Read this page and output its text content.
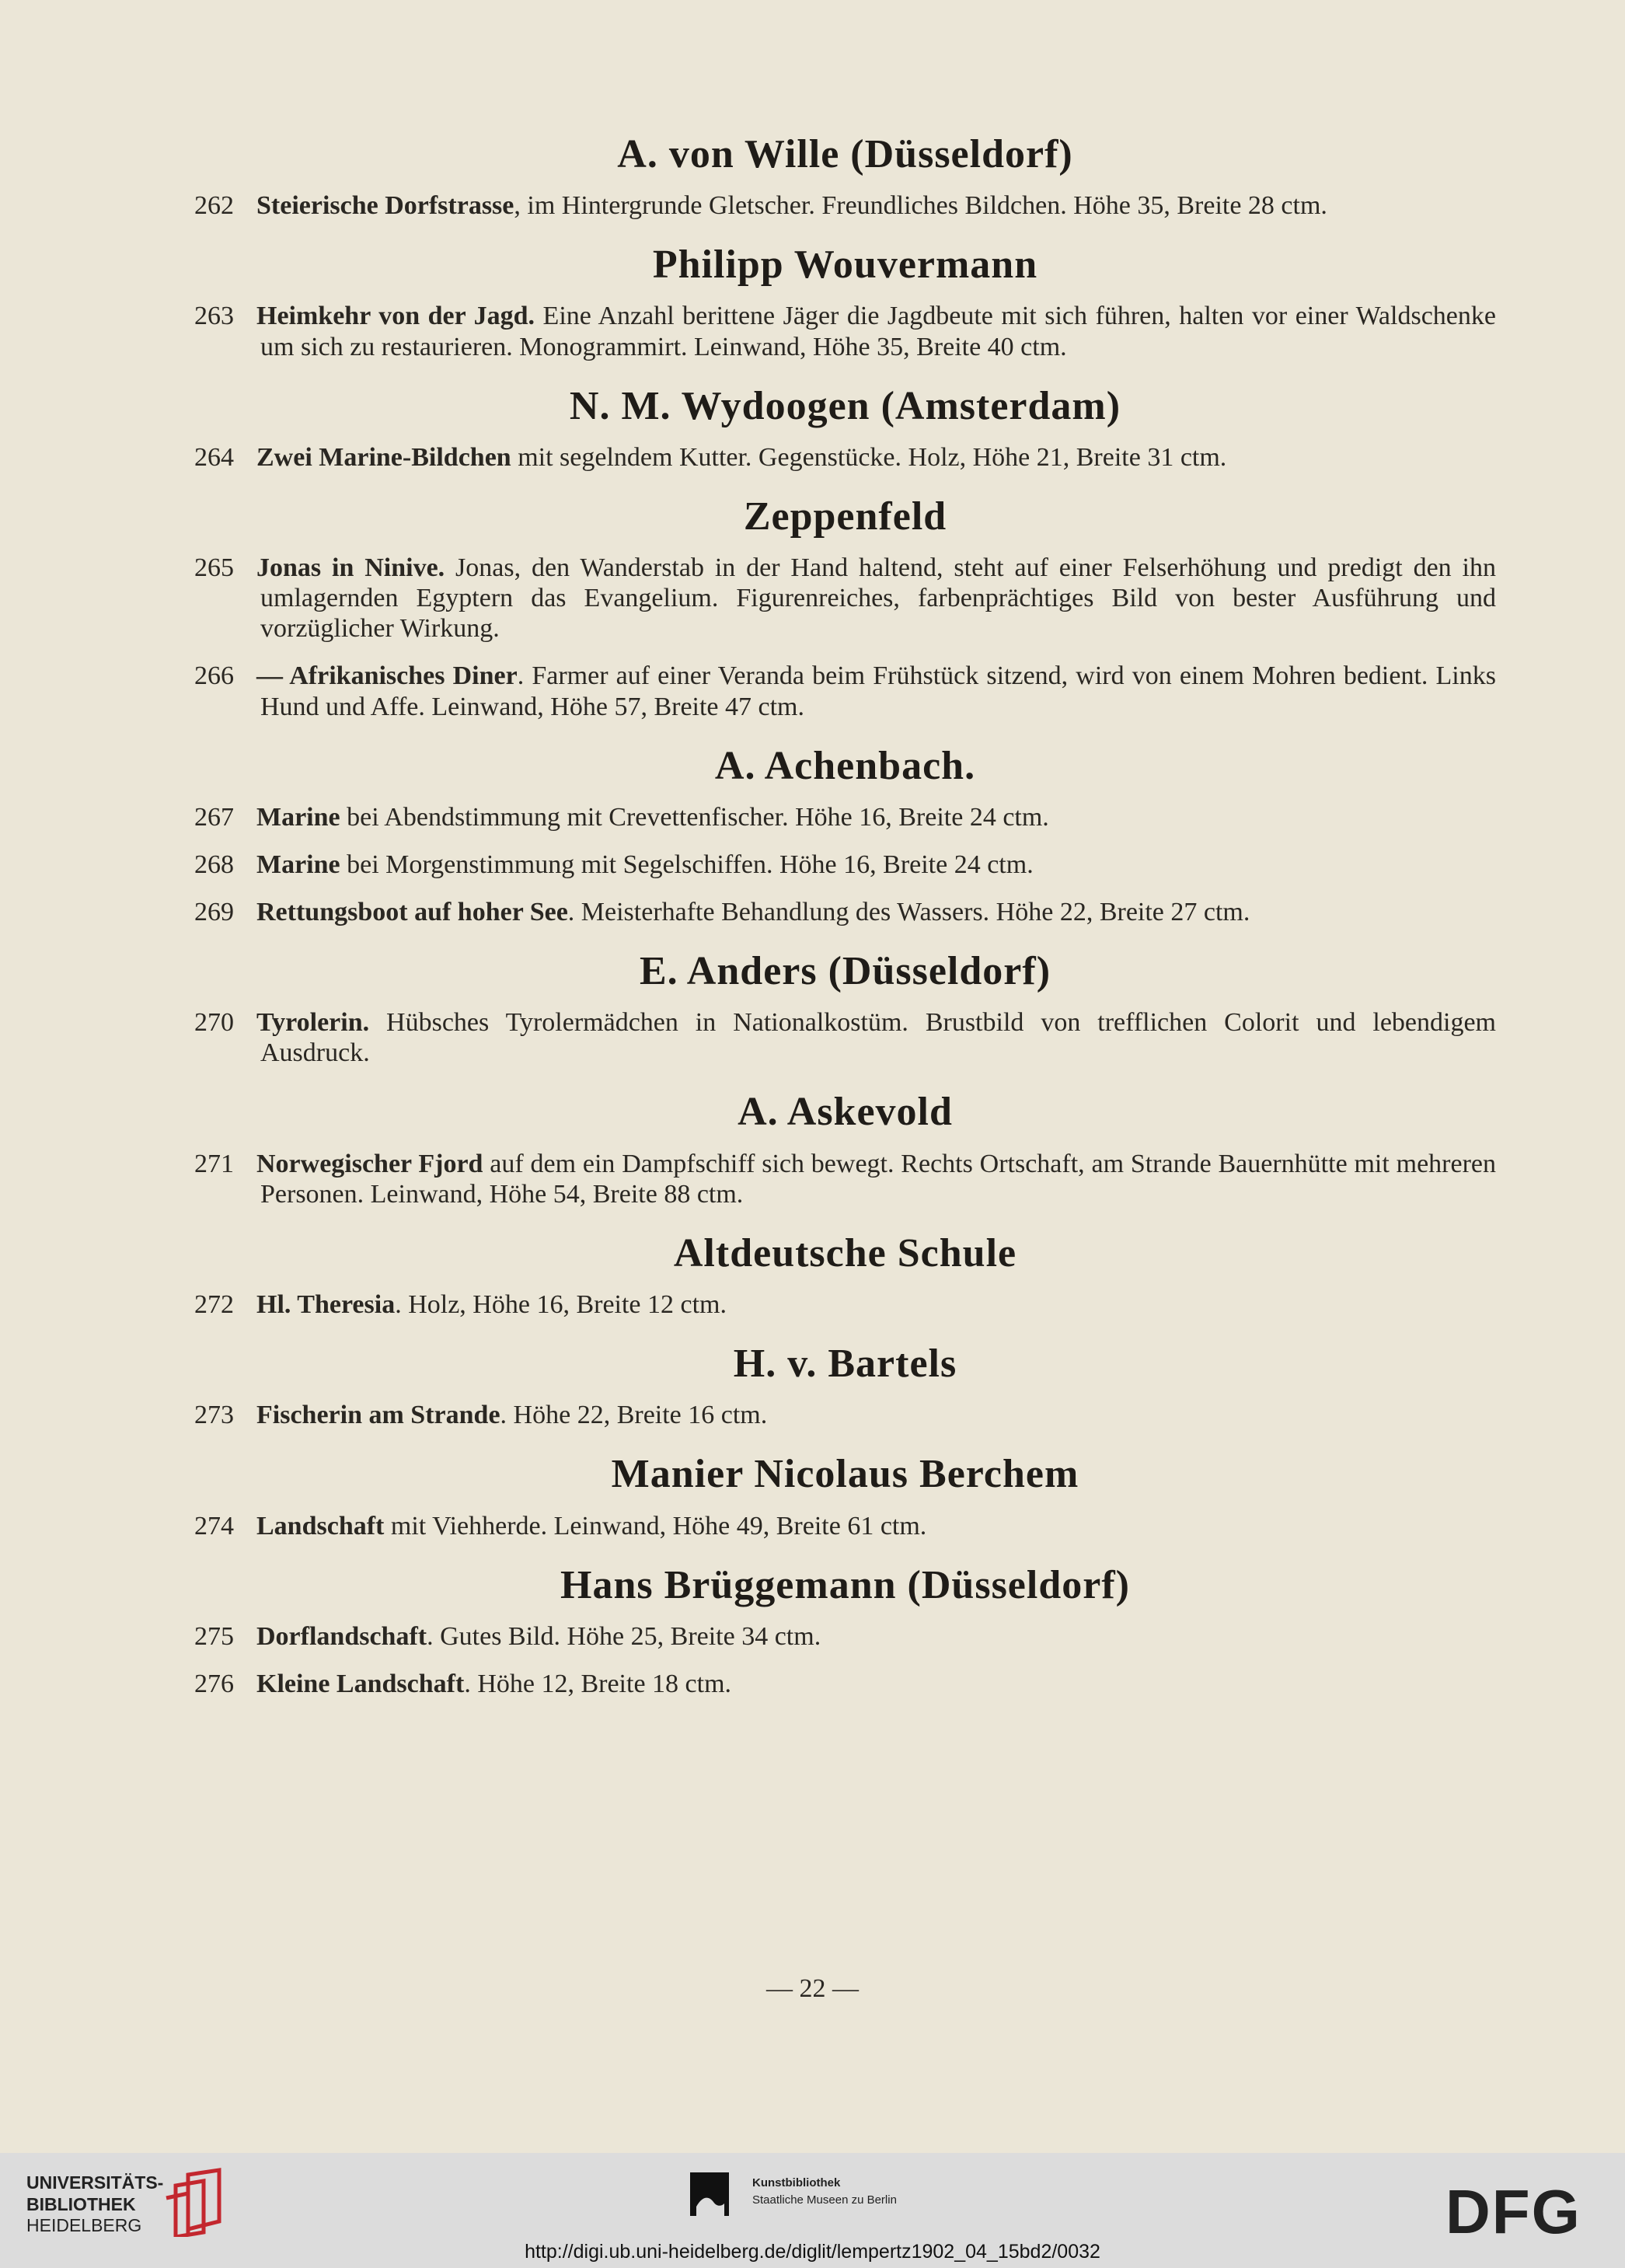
A. von Wille (Düsseldorf)

262 Steierische Dorfstrasse, im Hintergrunde Gletscher. Freundliches Bildchen. Höhe 35, Breite 28 ctm.

Philipp Wouvermann

263 Heimkehr von der Jagd. Eine Anzahl berittene Jäger die Jagdbeute mit sich führen, halten vor einer Waldschenke um sich zu restaurieren. Monogrammirt. Leinwand, Höhe 35, Breite 40 ctm.

N. M. Wydoogen (Amsterdam)

264 Zwei Marine-Bildchen mit segelndem Kutter. Gegenstücke. Holz, Höhe 21, Breite 31 ctm.

Zeppenfeld

265 Jonas in Ninive. Jonas, den Wanderstab in der Hand haltend, steht auf einer Felserhöhung und predigt den ihn umlagernden Egyptern das Evangelium. Figurenreiches, farbenprächtiges Bild von bester Ausführung und vorzüglicher Wirkung.

266 — Afrikanisches Diner. Farmer auf einer Veranda beim Frühstück sitzend, wird von einem Mohren bedient. Links Hund und Affe. Leinwand, Höhe 57, Breite 47 ctm.

A. Achenbach.

267 Marine bei Abendstimmung mit Crevettenfischer. Höhe 16, Breite 24 ctm.

268 Marine bei Morgenstimmung mit Segelschiffen. Höhe 16, Breite 24 ctm.

269 Rettungsboot auf hoher See. Meisterhafte Behandlung des Wassers. Höhe 22, Breite 27 ctm.

E. Anders (Düsseldorf)

270 Tyrolerin. Hübsches Tyrolermädchen in Nationalkostüm. Brustbild von trefflichen Colorit und lebendigem Ausdruck.

A. Askevold

271 Norwegischer Fjord auf dem ein Dampfschiff sich bewegt. Rechts Ortschaft, am Strande Bauernhütte mit mehreren Personen. Leinwand, Höhe 54, Breite 88 ctm.

Altdeutsche Schule

272 Hl. Theresia. Holz, Höhe 16, Breite 12 ctm.

H. v. Bartels

273 Fischerin am Strande. Höhe 22, Breite 16 ctm.

Manier Nicolaus Berchem

274 Landschaft mit Viehherde. Leinwand, Höhe 49, Breite 61 ctm.

Hans Brüggemann (Düsseldorf)

275 Dorflandschaft. Gutes Bild. Höhe 25, Breite 34 ctm.

276 Kleine Landschaft. Höhe 12, Breite 18 ctm.

— 22 —
UNIVERSITÄTS-
BIBLIOTHEK
HEIDELBERG
Kunstbibliothek
Staatliche Museen zu Berlin	DFG
http://digi.ub.uni-heidelberg.de/diglit/lempertz1902_04_15bd2/0032
